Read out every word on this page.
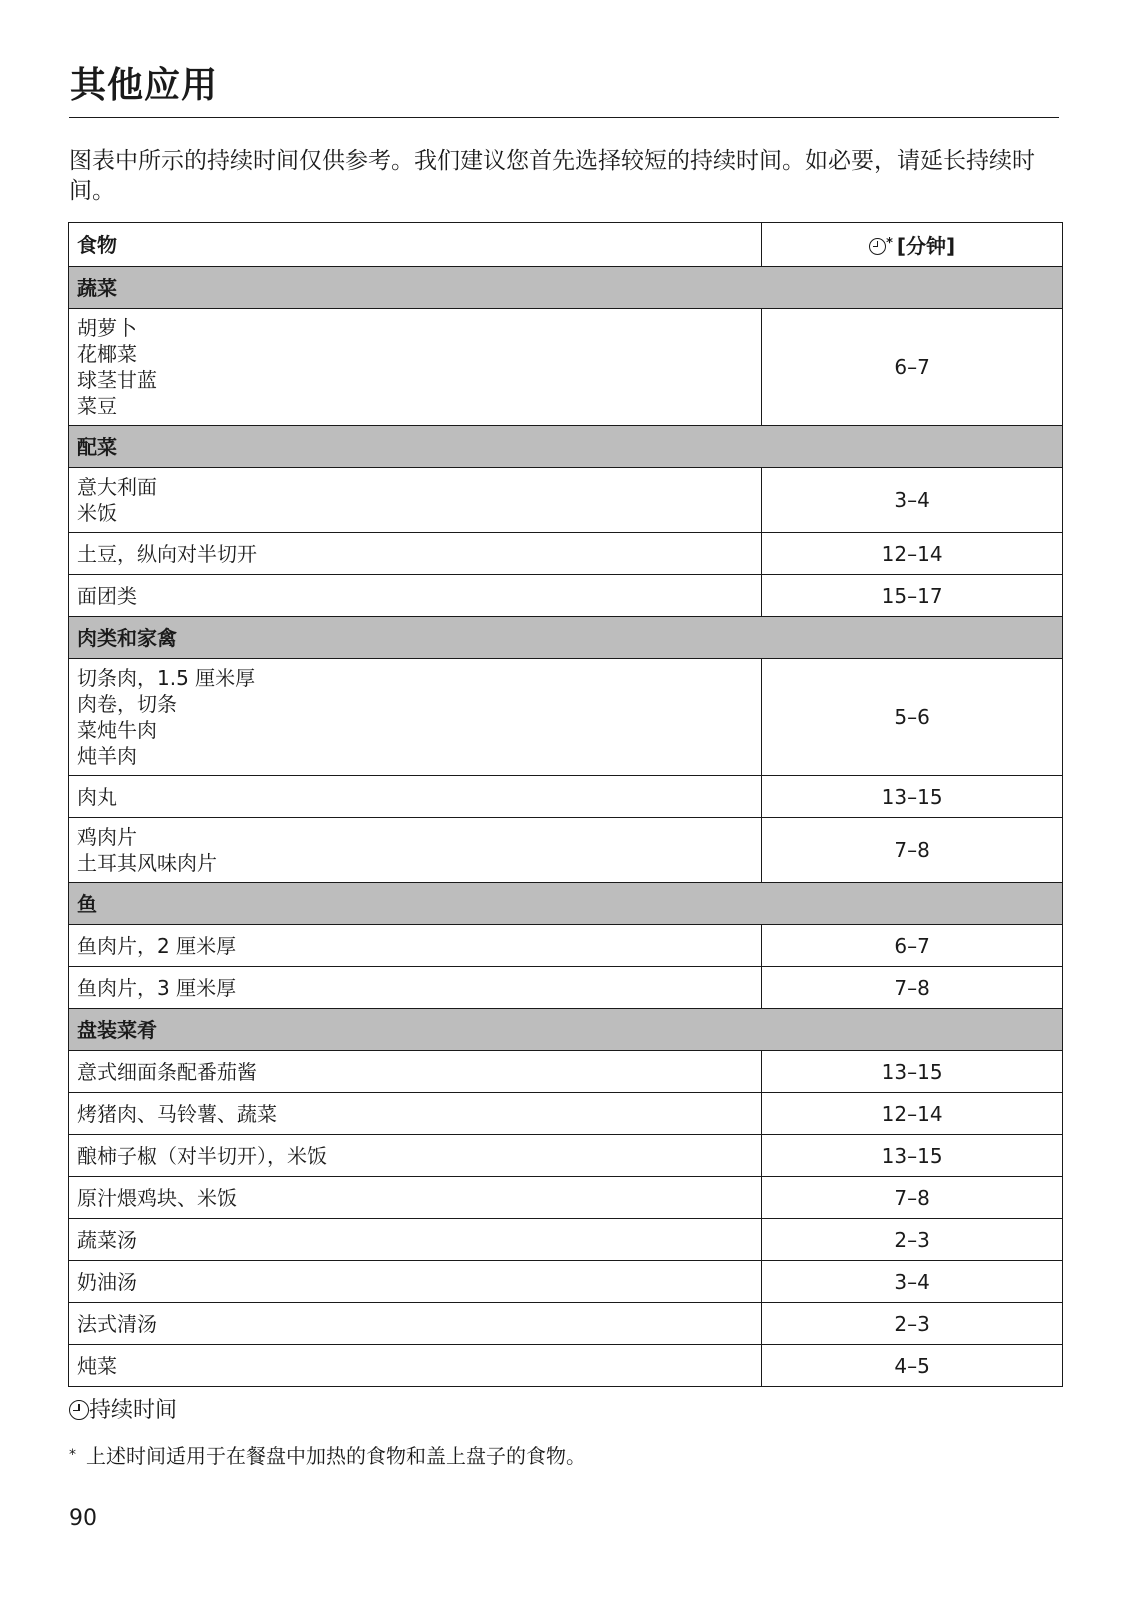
其他应用

图表中所示的持续时间仅供参考。我们建议您首先选择较短的持续时间。如必要，请延长持续时间。

食物	* [分钟]
蔬菜	

胡萝卜
花椰菜
球茎甘蓝
菜豆	6–7
配菜	

意大利面
米饭	3–4

土豆，纵向对半切开	12–14

面团类	15–17
肉类和家禽	

切条肉，1.5 厘米厚
肉卷，切条
菜炖牛肉
炖羊肉	5–6

肉丸	13–15

鸡肉片
土耳其风味肉片	7–8
鱼	

鱼肉片，2 厘米厚	6–7

鱼肉片，3 厘米厚	7–8
盘装菜肴	

意式细面条配番茄酱	13–15

烤猪肉、马铃薯、蔬菜	12–14

酿柿子椒（对半切开），米饭	13–15

原汁煨鸡块、米饭	7–8

蔬菜汤	2–3

奶油汤	3–4

法式清汤	2–3

炖菜	4–5
持续时间
* 上述时间适用于在餐盘中加热的食物和盖上盘子的食物。
90
